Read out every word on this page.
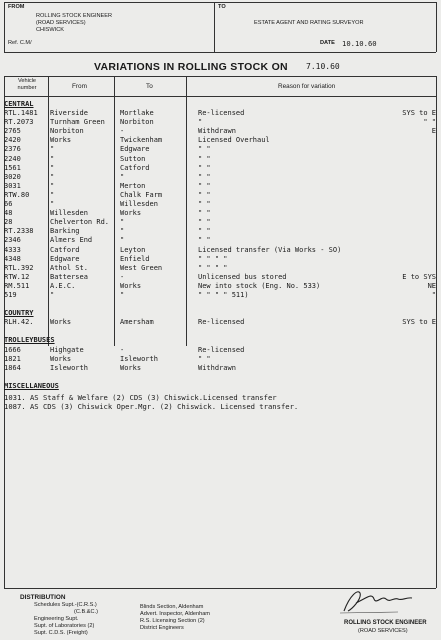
FROM
ROLLING STOCK ENGINEER
(ROAD SERVICES)
CHISWICK
Ref. C.M/
TO
ESTATE AGENT AND RATING SURVEYOR
DATE 10.10.60
VARIATIONS IN ROLLING STOCK ON 7.10.60
Vehicle number	From	To	Reason for variation
CENTRAL				
RTL.1481	Riverside	Mortlake	Re-licensed	SYS to E
RT.2073	Turnham Green	Norbiton	"	" "
2765	Norbiton	-	Withdrawn	E
2420	Works	Twickenham	Licensed Overhaul	
2376	"	Edgware	" "	
2240	"	Sutton	" "	
1561	"	Catford	" "	
3020	"	"	" "	
3031	"	Merton	" "	
RTW.80	"	Chalk Farm	" "	
66	"	Willesden	" "	
48	Willesden	Works	" "	
28	Chelverton Rd.	"	" "	
RT.2338	Barking	"	" "	
2346	Almers End	"	" "	
4333	Catford	Leyton	Licensed transfer (Via Works - SO)	
4348	Edgware	Enfield	" " " "	
RTL.392	Athol St.	West Green	" " " "	
RTW.12	Battersea	-	Unlicensed bus stored	E to SYS
RM.511	A.E.C.	Works	New into stock (Eng. No. 533)	NE
519	"	"	" " " " 511)	"

COUNTRY				
RLH.42.	Works	Amersham	Re-licensed	SYS to E

TROLLEYBUSES				
1666	Highgate	-	Re-licensed	
1821	Works	Isleworth	" "	
1864	Isleworth	Works	Withdrawn	

MISCELLANEOUS				
1031. AS Staff & Welfare (2) CDS (3) Chiswick.Licensed transfer
1087. AS CDS (3) Chiswick Oper.Mgr. (2) Chiswick. Licensed transfer.
DISTRIBUTION
Schedules Supt.-(C.R.S.)
(C.B.&C.)
Engineering Supt.
Supt. of Laboratories (2)
Supt. C.D.S. (Freight)
Blinds Section, Aldenham
Advert. Inspector, Aldenham
R.S. Licensing Section (2)
District Engineers
ROLLING STOCK ENGINEER
(ROAD SERVICES)
